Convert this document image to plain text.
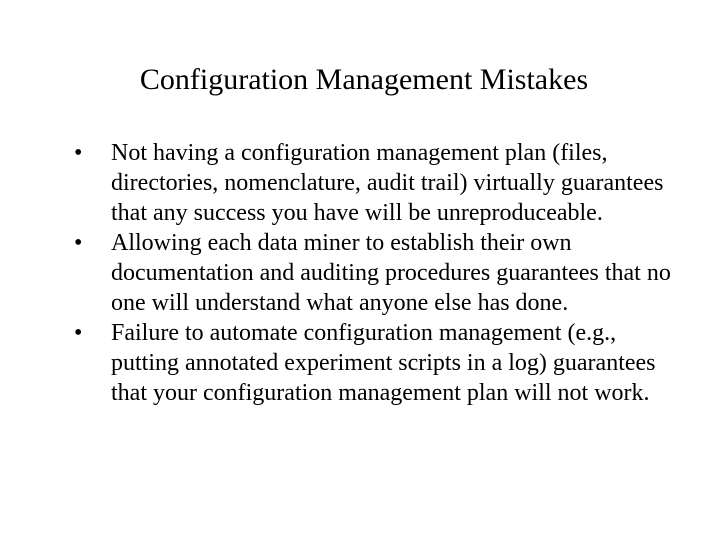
Configuration Management Mistakes
•	Not having a configuration management plan (files,
directories, nomenclature, audit trail) virtually guarantees
that any success you have will be unreproduceable.
•	Allowing each data miner to establish their own
documentation and auditing procedures guarantees that no
one will understand what anyone else has done.
•	Failure to automate configuration management (e.g.,
putting annotated experiment scripts in a log) guarantees
that your configuration management plan will not work.
